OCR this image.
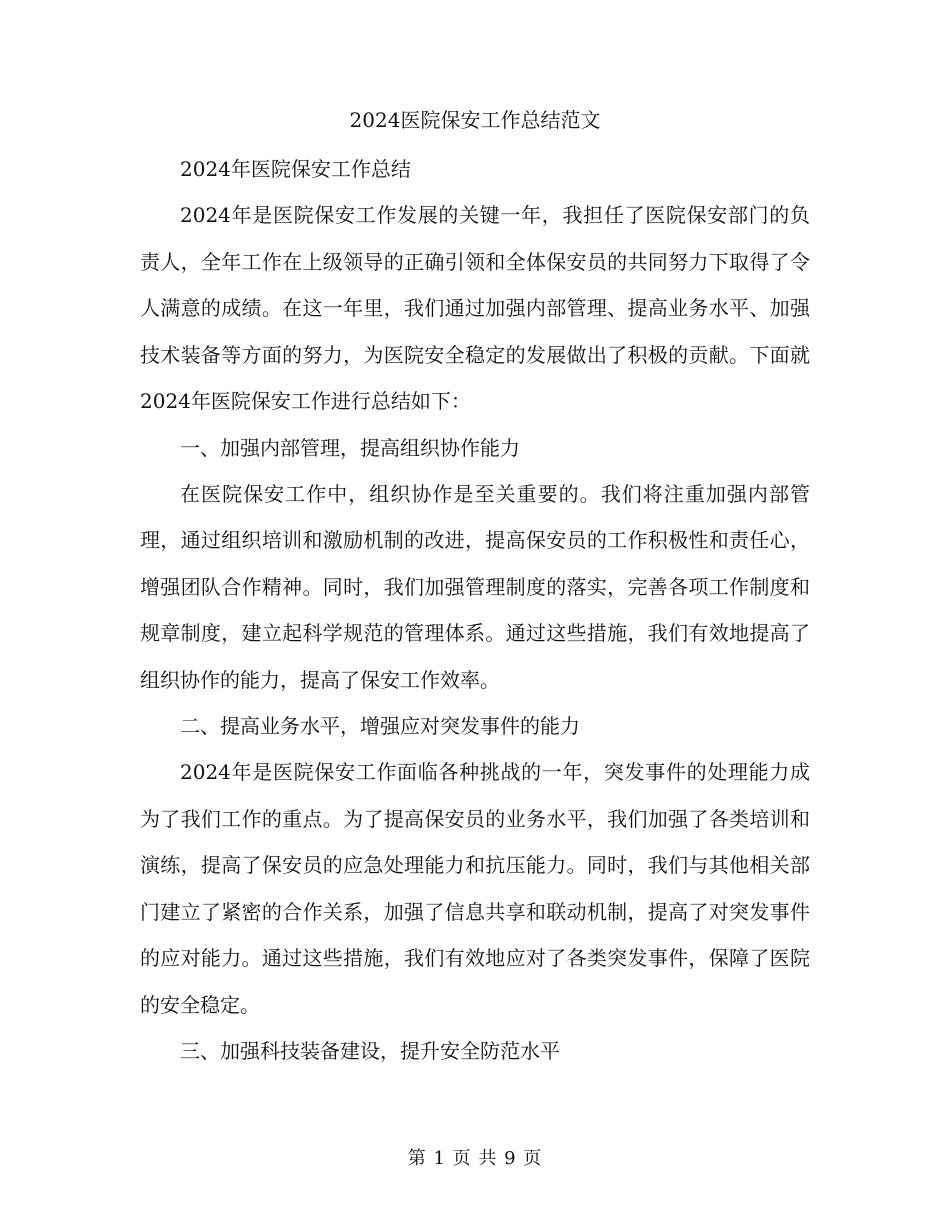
2024医院保安工作总结范文

2024年医院保安工作总结

2024年是医院保安工作发展的关键一年，我担任了医院保安部门的负责人，全年工作在上级领导的正确引领和全体保安员的共同努力下取得了令人满意的成绩。在这一年里，我们通过加强内部管理、提高业务水平、加强技术装备等方面的努力，为医院安全稳定的发展做出了积极的贡献。下面就2024年医院保安工作进行总结如下：

一、加强内部管理，提高组织协作能力

在医院保安工作中，组织协作是至关重要的。我们将注重加强内部管理，通过组织培训和激励机制的改进，提高保安员的工作积极性和责任心，增强团队合作精神。同时，我们加强管理制度的落实，完善各项工作制度和规章制度，建立起科学规范的管理体系。通过这些措施，我们有效地提高了组织协作的能力，提高了保安工作效率。

二、提高业务水平，增强应对突发事件的能力

2024年是医院保安工作面临各种挑战的一年，突发事件的处理能力成为了我们工作的重点。为了提高保安员的业务水平，我们加强了各类培训和演练，提高了保安员的应急处理能力和抗压能力。同时，我们与其他相关部门建立了紧密的合作关系，加强了信息共享和联动机制，提高了对突发事件的应对能力。通过这些措施，我们有效地应对了各类突发事件，保障了医院的安全稳定。

三、加强科技装备建设，提升安全防范水平

第 1 页 共 9 页
